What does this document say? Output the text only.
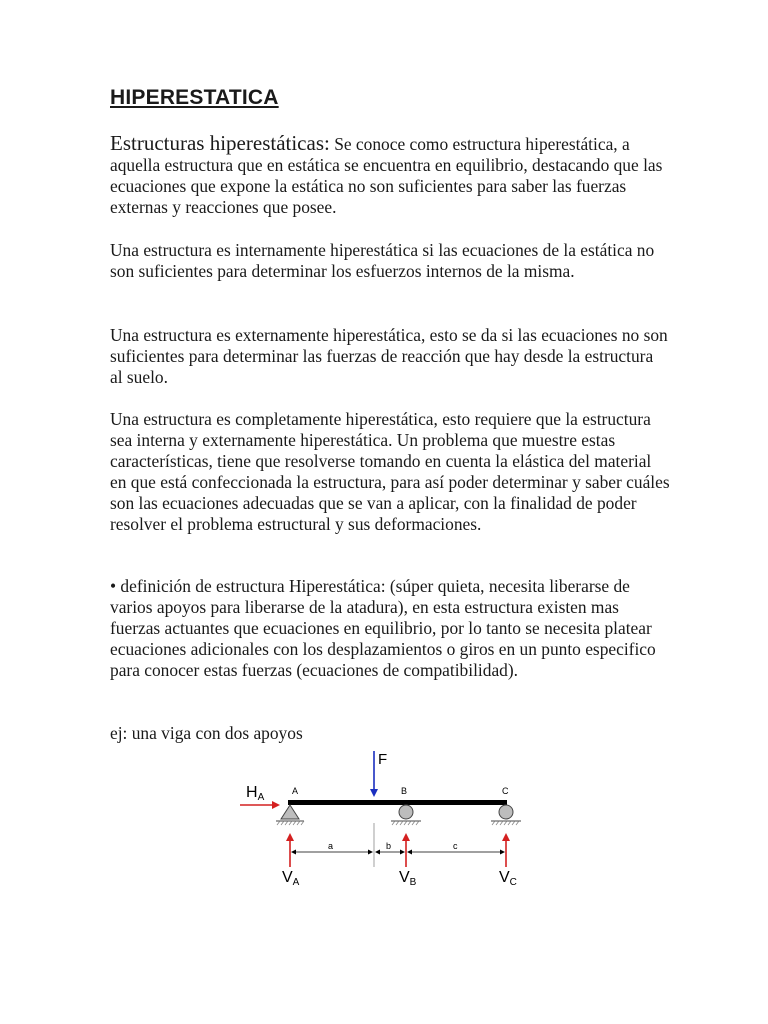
HIPERESTATICA

Estructuras hiperestáticas: Se conoce como estructura hiperestática, a aquella estructura que en estática se encuentra en equilibrio, destacando que las ecuaciones que expone la estática no son suficientes para saber las fuerzas externas y reacciones que posee.

Una estructura es internamente hiperestática si las ecuaciones de la estática no son suficientes para determinar los esfuerzos internos de la misma.

Una estructura es externamente hiperestática, esto se da si las ecuaciones no son suficientes para determinar las fuerzas de reacción que hay desde la estructura al suelo.

Una estructura es completamente hiperestática, esto requiere que la estructura sea interna y externamente hiperestática. Un problema que muestre estas características, tiene que resolverse tomando en cuenta la elástica del material en que está confeccionada la estructura, para así poder determinar y saber cuáles son las ecuaciones adecuadas que se van a aplicar, con la finalidad de poder resolver el problema estructural y sus deformaciones.

• definición de estructura Hiperestática: (súper quieta, necesita liberarse de varios apoyos para liberarse de la atadura), en esta estructura existen mas fuerzas actuantes que ecuaciones en equilibrio, por lo tanto se necesita platear ecuaciones adicionales con los desplazamientos o giros en un punto especifico para conocer estas fuerzas (ecuaciones de compatibilidad).

ej: una viga con dos apoyos

F
HA
A	B	C
a	b	c
VA	VB	VC
